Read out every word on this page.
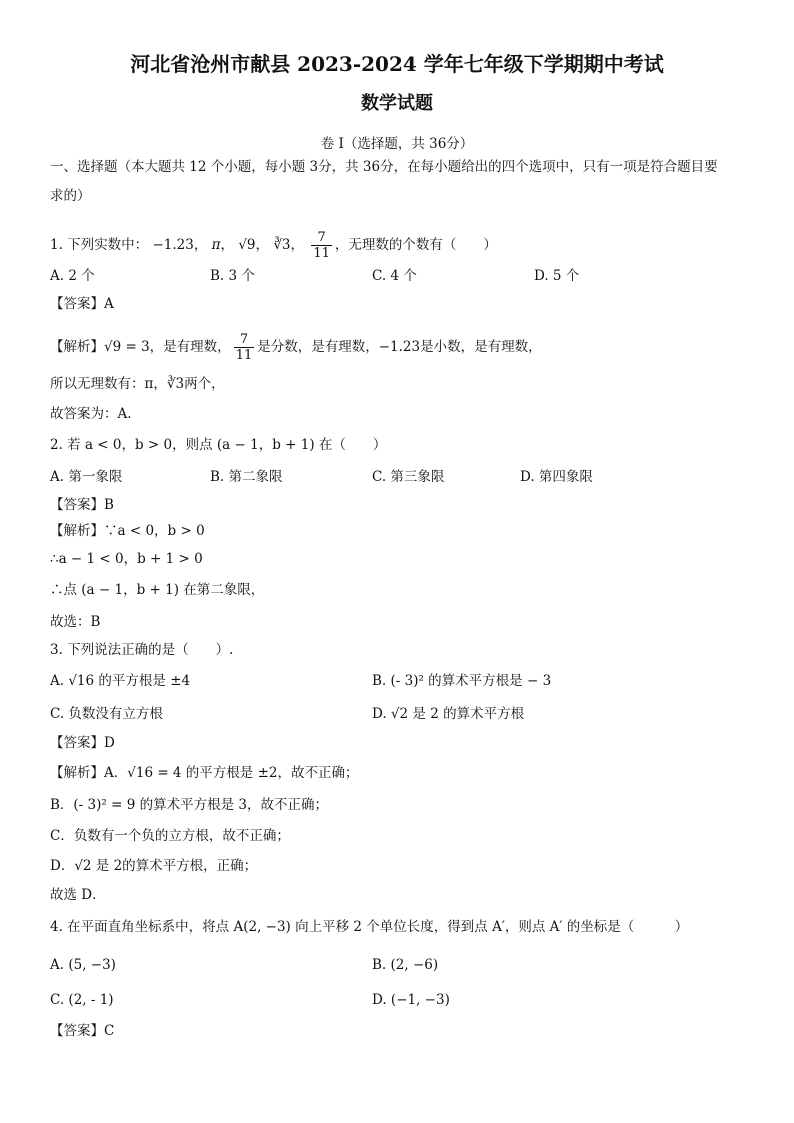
河北省沧州市献县 2023-2024 学年七年级下学期期中考试
数学试题
卷 I（选择题，共 36分）
一、选择题（本大题共 12 个小题，每小题 3分，共 36分，在每小题给出的四个选项中，只有一项是符合题目要
求的）
1. 下列实数中： −1.23， π， √9， ∛3， $\frac{7}{11}$ ，无理数的个数有（　　）
A. 2 个	B. 3 个	C. 4 个	D. 5 个
【答案】A
【解析】√9 = 3，是有理数， $\frac{7}{11}$ 是分数，是有理数，−1.23是小数，是有理数，
所以无理数有：π，∛3两个，
故答案为：A.
2. 若 a < 0，b > 0，则点 (a − 1，b + 1) 在（　　）
A. 第一象限	B. 第二象限	C. 第三象限	D. 第四象限
【答案】B
【解析】∵a < 0，b > 0
∴a − 1 < 0，b + 1 > 0
∴点 (a − 1，b + 1) 在第二象限，
故选：B
3. 下列说法正确的是（　　）.
A. √16 的平方根是 ±4	B. (- 3)² 的算术平方根是 − 3
C. 负数没有立方根	D. √2 是 2 的算术平方根
【答案】D
【解析】A．√16 = 4 的平方根是 ±2，故不正确；
B．(- 3)² = 9 的算术平方根是 3，故不正确；
C．负数有一个负的立方根，故不正确；
D．√2 是 2的算术平方根，正确；
故选 D．
4. 在平面直角坐标系中，将点 A(2, −3) 向上平移 2 个单位长度，得到点 A′，则点 A′ 的坐标是（　　　）
A. (5, −3)	B. (2, −6)
C. (2, - 1)	D. (−1, −3)
【答案】C
